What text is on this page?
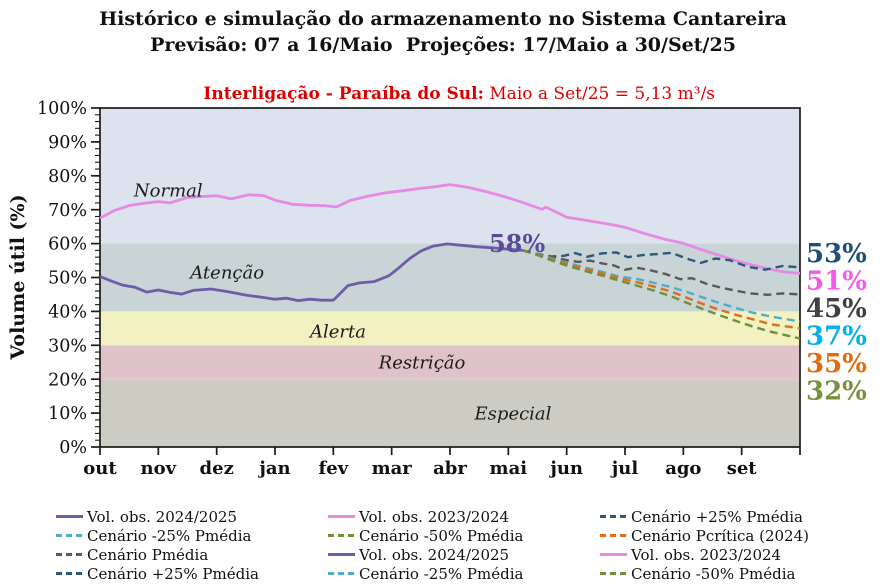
Histórico e simulação do armazenamento no Sistema Cantareira
Previsão: 07 a 16/Maio  Projeções: 17/Maio a 30/Set/25

Interligação - Paraíba do Sul: Maio a Set/25 = 5,13 m³/s

0%
10%
20%
30%
40%
50%
60%
70%
80%
90%
100%
out nov dez jan fev mar abr mai jun jul ago set
Normal
Atenção
Alerta
Restrição
Especial
58%	53%
51%
45%
37%
35%
32%
Volume útil (%)
Vol. obs. 2024/2025	Vol. obs. 2023/2024	Cenário +25% Pmédia
Cenário -25% Pmédia	Cenário -50% Pmédia	Cenário Pcrítica (2024)
Cenário Pmédia	Vol. obs. 2024/2025	Vol. obs. 2023/2024
Cenário +25% Pmédia	Cenário -25% Pmédia	Cenário -50% Pmédia
